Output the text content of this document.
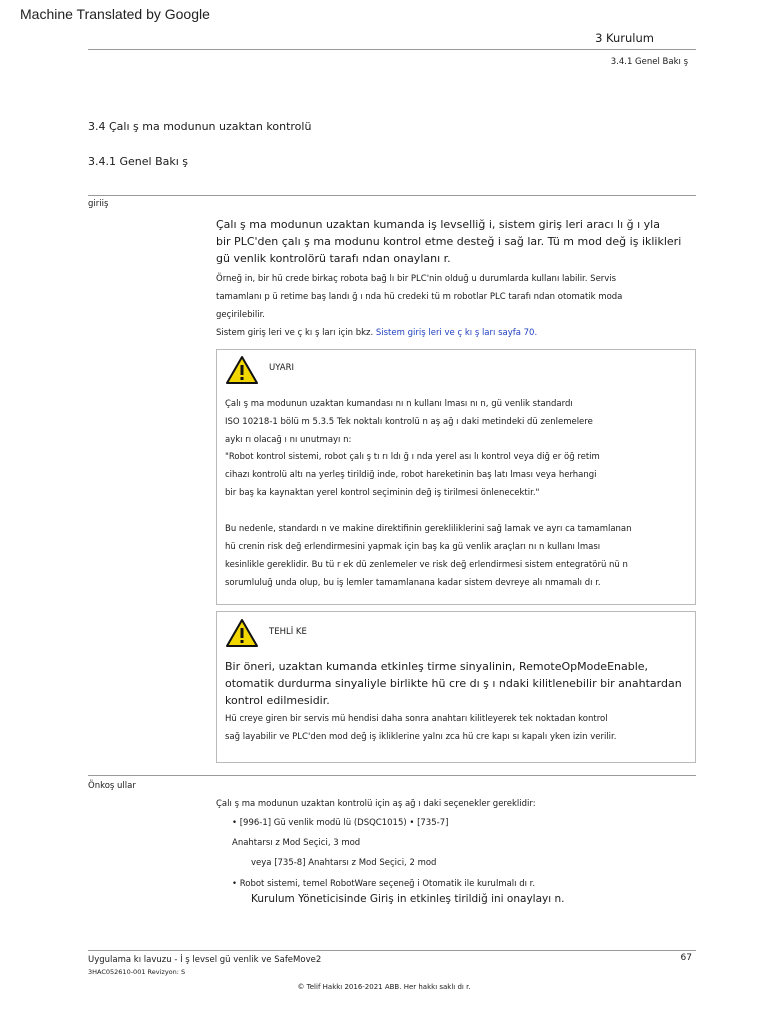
Machine Translated by Google
3 Kurulum
3.4.1 Genel Bakı ş
3.4 Çalı ş ma modunun uzaktan kontrolü
3.4.1 Genel Bakı ş
giriiş
Çalı ş ma modunun uzaktan kumanda iş levselliğ i, sistem giriş leri aracı lı ğ ı yla
bir PLC'den çalı ş ma modunu kontrol etme desteğ i sağ lar. Tü m mod değ iş iklikleri
gü venlik kontrolörü tarafı ndan onaylanı r.
Örneğ in, bir hü crede birkaç robota bağ lı bir PLC'nin olduğ u durumlarda kullanı labilir. Servis
tamamlanı p ü retime baş landı ğ ı nda hü credeki tü m robotlar PLC tarafı ndan otomatik moda
geçirilebilir.
Sistem giriş leri ve ç kı ş ları için bkz. Sistem giriş leri ve ç kı ş ları sayfa 70.
UYARI
Çalı ş ma modunun uzaktan kumandası nı n kullanı lması nı n, gü venlik standardı
ISO 10218-1 bölü m 5.3.5 Tek noktalı kontrolü n aş ağ ı daki metindeki dü zenlemelere
aykı rı olacağ ı nı unutmayı n:
"Robot kontrol sistemi, robot çalı ş tı rı ldı ğ ı nda yerel ası lı kontrol veya diğ er öğ retim
cihazı kontrolü altı na yerleş tirildiğ inde, robot hareketinin baş latı lması veya herhangi
bir baş ka kaynaktan yerel kontrol seçiminin değ iş tirilmesi önlenecektir."
Bu nedenle, standardı n ve makine direktifinin gerekliliklerini sağ lamak ve ayrı ca tamamlanan
hü crenin risk değ erlendirmesini yapmak için baş ka gü venlik araçları nı n kullanı lması
kesinlikle gereklidir. Bu tü r ek dü zenlemeler ve risk değ erlendirmesi sistem entegratörü nü n
sorumluluğ unda olup, bu iş lemler tamamlanana kadar sistem devreye alı nmamalı dı r.
TEHLİ KE
Bir öneri, uzaktan kumanda etkinleş tirme sinyalinin, RemoteOpModeEnable,
otomatik durdurma sinyaliyle birlikte hü cre dı ş ı ndaki kilitlenebilir bir anahtardan
kontrol edilmesidir.
Hü creye giren bir servis mü hendisi daha sonra anahtarı kilitleyerek tek noktadan kontrol
sağ layabilir ve PLC'den mod değ iş ikliklerine yalnı zca hü cre kapı sı kapalı yken izin verilir.
Önkoş ullar
Çalı ş ma modunun uzaktan kontrolü için aş ağ ı daki seçenekler gereklidir:
• [996-1] Gü venlik modü lü (DSQC1015) • [735-7]
Anahtarsı z Mod Seçici, 3 mod
veya [735-8] Anahtarsı z Mod Seçici, 2 mod
• Robot sistemi, temel RobotWare seçeneğ i Otomatik ile kurulmalı dı r.
Kurulum Yöneticisinde Giriş in etkinleş tirildiğ ini onaylayı n.
Uygulama kı lavuzu - İ ş levsel gü venlik ve SafeMove2
3HAC052610-001 Revizyon: S
67
© Telif Hakkı 2016-2021 ABB. Her hakkı saklı dı r.
